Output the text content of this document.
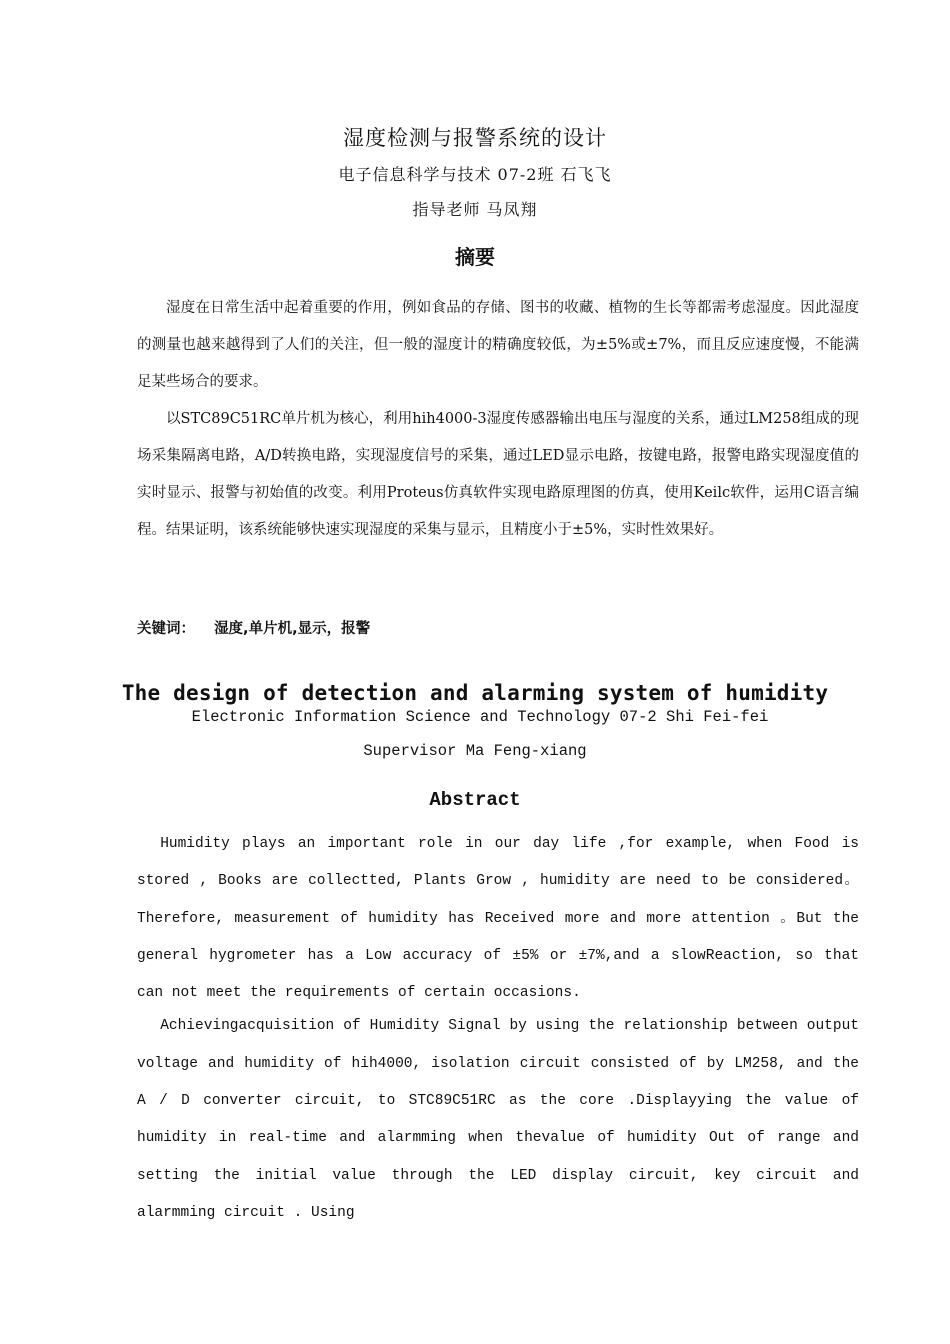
湿度检测与报警系统的设计
电子信息科学与技术 07-2班 石飞飞
指导老师 马凤翔
摘要

湿度在日常生活中起着重要的作用，例如食品的存储、图书的收藏、植物的生长等都需考虑湿度。因此湿度的测量也越来越得到了人们的关注，但一般的湿度计的精确度较低，为±5%或±7%，而且反应速度慢，不能满足某些场合的要求。

以STC89C51RC单片机为核心，利用hih4000-3湿度传感器输出电压与湿度的关系，通过LM258组成的现场采集隔离电路，A/D转换电路，实现湿度信号的采集，通过LED显示电路，按键电路，报警电路实现湿度值的实时显示、报警与初始值的改变。利用Proteus仿真软件实现电路原理图的仿真，使用Keilc软件，运用C语言编程。结果证明，该系统能够快速实现湿度的采集与显示，且精度小于±5%，实时性效果好。

关键词： 湿度,单片机,显示，报警
The design of detection and alarming system of humidity
Electronic Information Science and Technology 07-2 Shi Fei-fei
Supervisor Ma Feng-xiang
Abstract

Humidity plays an important role in our day life ,for example, when Food is stored , Books are collectted, Plants Grow , humidity are need to be considered。Therefore, measurement of humidity has Received more and more attention 。But the general hygrometer has a Low accuracy of ±5% or ±7%,and a slowReaction, so that can not meet the requirements of certain occasions.

Achievingacquisition of Humidity Signal by using the relationship between output voltage and humidity of hih4000, isolation circuit consisted of by LM258, and the A / D converter circuit, to STC89C51RC as the core .Displayying the value of humidity in real-time and alarmming when thevalue of humidity Out of range and setting the initial value through the LED display circuit, key circuit and alarmming circuit . Using
